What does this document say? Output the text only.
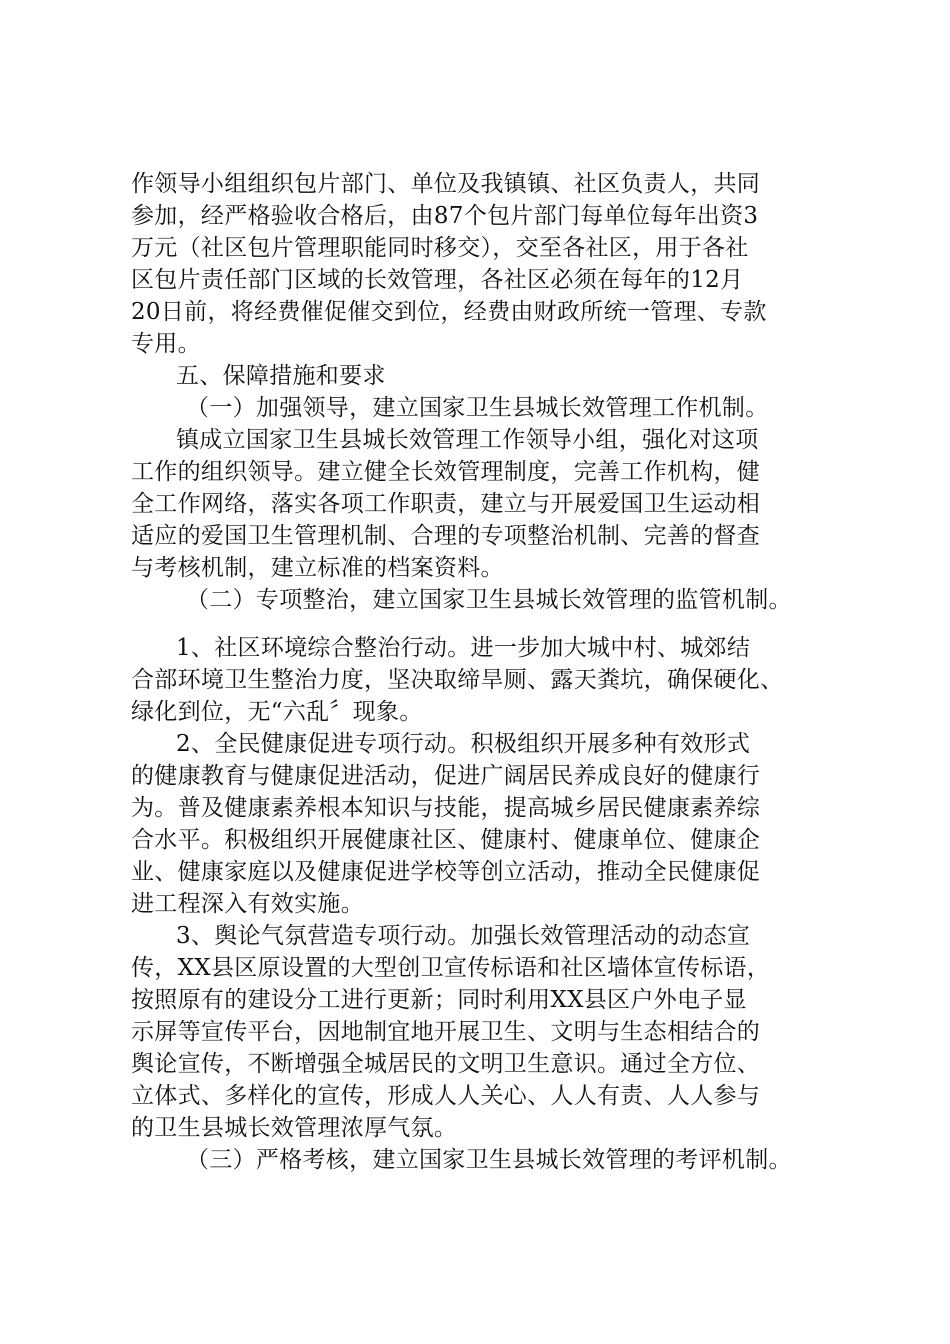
作领导小组组织包片部门、单位及我镇镇、社区负责人，共同
参加，经严格验收合格后，由87个包片部门每单位每年出资3
万元（社区包片管理职能同时移交），交至各社区，用于各社
区包片责任部门区域的长效管理，各社区必须在每年的12月
20日前，将经费催促催交到位，经费由财政所统一管理、专款
专用。
五、保障措施和要求
（一）加强领导，建立国家卫生县城长效管理工作机制。
镇成立国家卫生县城长效管理工作领导小组，强化对这项
工作的组织领导。建立健全长效管理制度，完善工作机构，健
全工作网络，落实各项工作职责，建立与开展爱国卫生运动相
适应的爱国卫生管理机制、合理的专项整治机制、完善的督查
与考核机制，建立标准的档案资料。
（二）专项整治，建立国家卫生县城长效管理的监管机制。
1、社区环境综合整治行动。进一步加大城中村、城郊结
合部环境卫生整治力度，坚决取缔旱厕、露天粪坑，确保硬化、
绿化到位，无“六乱〞现象。
2、全民健康促进专项行动。积极组织开展多种有效形式
的健康教育与健康促进活动，促进广阔居民养成良好的健康行
为。普及健康素养根本知识与技能，提高城乡居民健康素养综
合水平。积极组织开展健康社区、健康村、健康单位、健康企
业、健康家庭以及健康促进学校等创立活动，推动全民健康促
进工程深入有效实施。
3、舆论气氛营造专项行动。加强长效管理活动的动态宣
传，XX县区原设置的大型创卫宣传标语和社区墙体宣传标语，
按照原有的建设分工进行更新；同时利用XX县区户外电子显
示屏等宣传平台，因地制宜地开展卫生、文明与生态相结合的
舆论宣传，不断增强全城居民的文明卫生意识。通过全方位、
立体式、多样化的宣传，形成人人关心、人人有责、人人参与
的卫生县城长效管理浓厚气氛。
（三）严格考核，建立国家卫生县城长效管理的考评机制。
